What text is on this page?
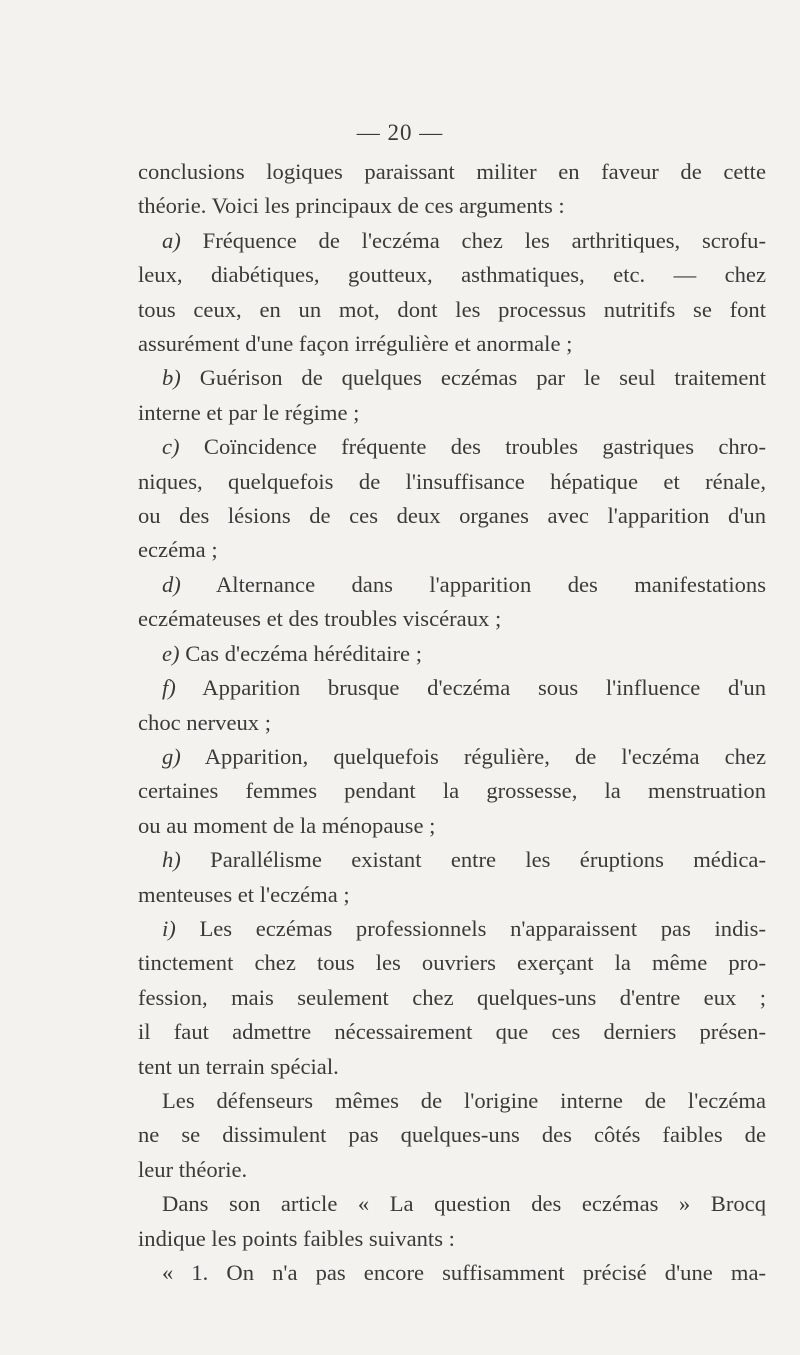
— 20 —
conclusions logiques paraissant militer en faveur de cette
théorie. Voici les principaux de ces arguments :
a) Fréquence de l'eczéma chez les arthritiques, scrofu-
leux, diabétiques, goutteux, asthmatiques, etc. — chez
tous ceux, en un mot, dont les processus nutritifs se font
assurément d'une façon irrégulière et anormale ;
b) Guérison de quelques eczémas par le seul traitement
interne et par le régime ;
c) Coïncidence fréquente des troubles gastriques chro-
niques, quelquefois de l'insuffisance hépatique et rénale,
ou des lésions de ces deux organes avec l'apparition d'un
eczéma ;
d) Alternance dans l'apparition des manifestations
eczémateuses et des troubles viscéraux ;
e) Cas d'eczéma héréditaire ;
f) Apparition brusque d'eczéma sous l'influence d'un
choc nerveux ;
g) Apparition, quelquefois régulière, de l'eczéma chez
certaines femmes pendant la grossesse, la menstruation
ou au moment de la ménopause ;
h) Parallélisme existant entre les éruptions médica-
menteuses et l'eczéma ;
i) Les eczémas professionnels n'apparaissent pas indis-
tinctement chez tous les ouvriers exerçant la même pro-
fession, mais seulement chez quelques-uns d'entre eux ;
il faut admettre nécessairement que ces derniers présen-
tent un terrain spécial.
Les défenseurs mêmes de l'origine interne de l'eczéma
ne se dissimulent pas quelques-uns des côtés faibles de
leur théorie.
Dans son article « La question des eczémas » Brocq
indique les points faibles suivants :
« 1. On n'a pas encore suffisamment précisé d'une ma-
